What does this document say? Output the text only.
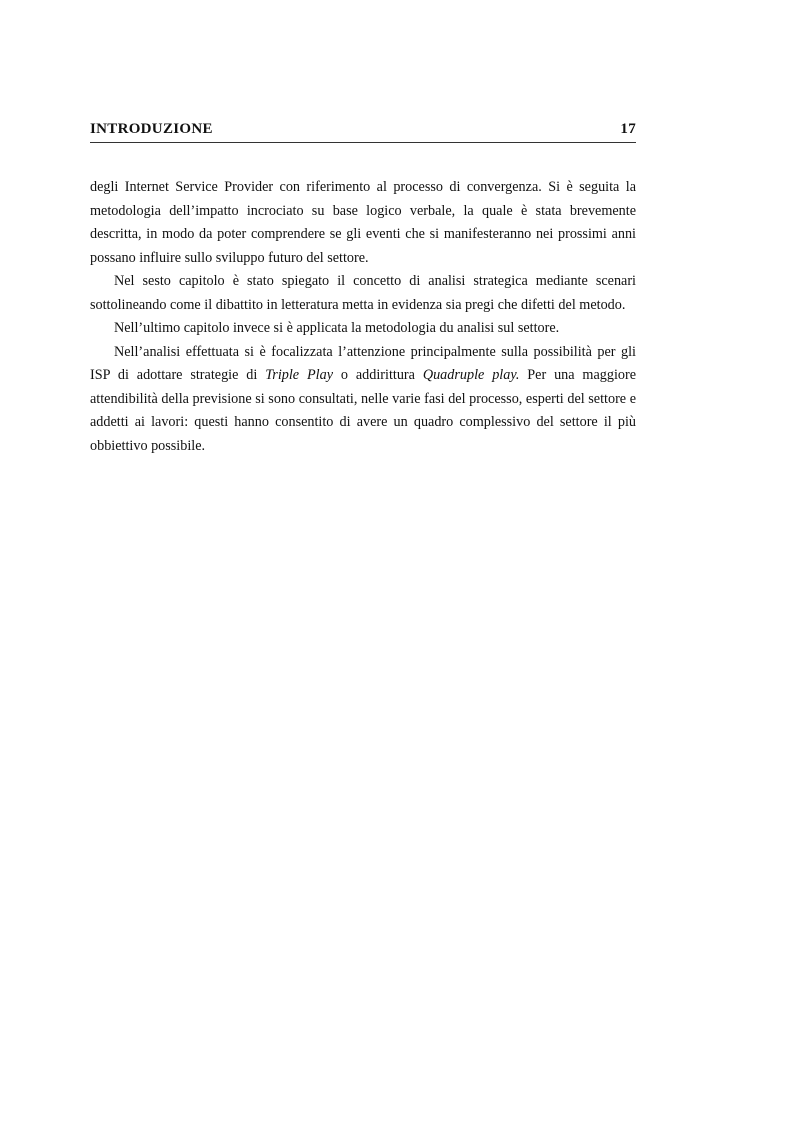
INTRODUZIONE	17

degli Internet Service Provider con riferimento al processo di convergenza. Si è seguita la metodologia dell’impatto incrociato su base logico verbale, la quale è stata brevemente descritta, in modo da poter comprendere se gli eventi che si manifesteranno nei prossimi anni possano influire sullo sviluppo futuro del settore.

Nel sesto capitolo è stato spiegato il concetto di analisi strategica mediante scenari sottolineando come il dibattito in letteratura metta in evidenza sia pregi che difetti del metodo.

Nell’ultimo capitolo invece si è applicata la metodologia du analisi sul settore.

Nell’analisi effettuata si è focalizzata l’attenzione principalmente sulla possibilità per gli ISP di adottare strategie di Triple Play o addirittura Quadruple play. Per una maggiore attendibilità della previsione si sono consultati, nelle varie fasi del processo, esperti del settore e addetti ai lavori: questi hanno consentito di avere un quadro complessivo del settore il più obbiettivo possibile.
